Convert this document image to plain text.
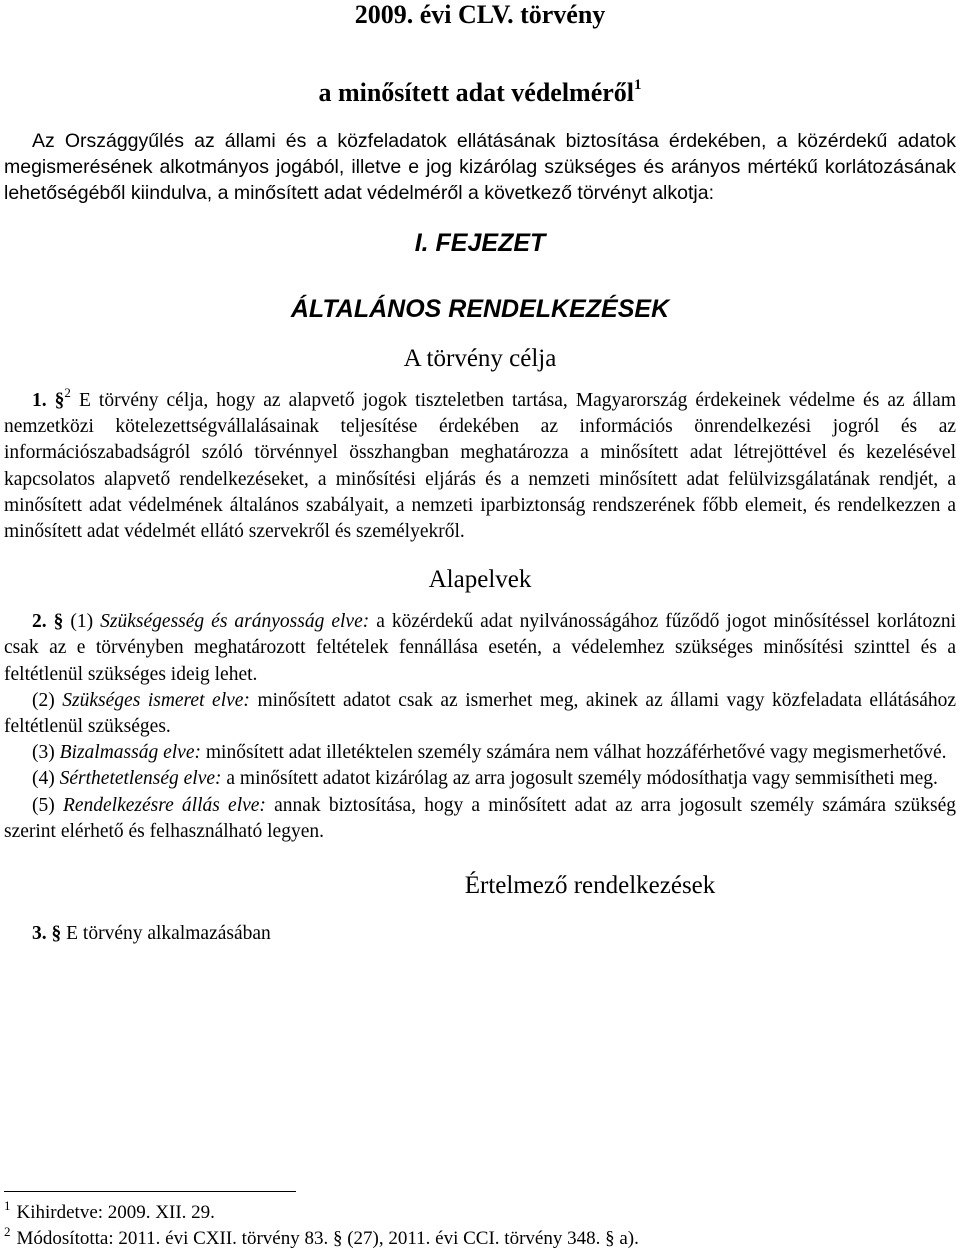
2009. évi CLV. törvény
a minősített adat védelméről$^1$

Az Országgyűlés az állami és a közfeladatok ellátásának biztosítása érdekében, a közérdekű adatok megismerésének alkotmányos jogából, illetve e jog kizárólag szükséges és arányos mértékű korlátozásának lehetőségéből kiindulva, a minősített adat védelméről a következő törvényt alkotja:

I. FEJEZET
ÁLTALÁNOS RENDELKEZÉSEK
A törvény célja

1. §$^2$ E törvény célja, hogy az alapvető jogok tiszteletben tartása, Magyarország érdekeinek védelme és az állam nemzetközi kötelezettségvállalásainak teljesítése érdekében az információs önrendelkezési jogról és az információszabadságról szóló törvénnyel összhangban meghatározza a minősített adat létrejöttével és kezelésével kapcsolatos alapvető rendelkezéseket, a minősítési eljárás és a nemzeti minősített adat felülvizsgálatának rendjét, a minősített adat védelmének általános szabályait, a nemzeti iparbiztonság rendszerének főbb elemeit, és rendelkezzen a minősített adat védelmét ellátó szervekről és személyekről.

Alapelvek

2. § (1) Szükségesség és arányosság elve: a közérdekű adat nyilvánosságához fűződő jogot minősítéssel korlátozni csak az e törvényben meghatározott feltételek fennállása esetén, a védelemhez szükséges minősítési szinttel és a feltétlenül szükséges ideig lehet.

(2) Szükséges ismeret elve: minősített adatot csak az ismerhet meg, akinek az állami vagy közfeladata ellátásához feltétlenül szükséges.

(3) Bizalmasság elve: minősített adat illetéktelen személy számára nem válhat hozzáférhetővé vagy megismerhetővé.

(4) Sérthetetlenség elve: a minősített adatot kizárólag az arra jogosult személy módosíthatja vagy semmisítheti meg.

(5) Rendelkezésre állás elve: annak biztosítása, hogy a minősített adat az arra jogosult személy számára szükség szerint elérhető és felhasználható legyen.

Értelmező rendelkezések

3. § E törvény alkalmazásában

$^1$ Kihirdetve: 2009. XII. 29.
$^2$ Módosította: 2011. évi CXII. törvény 83. § (27), 2011. évi CCI. törvény 348. § a).
